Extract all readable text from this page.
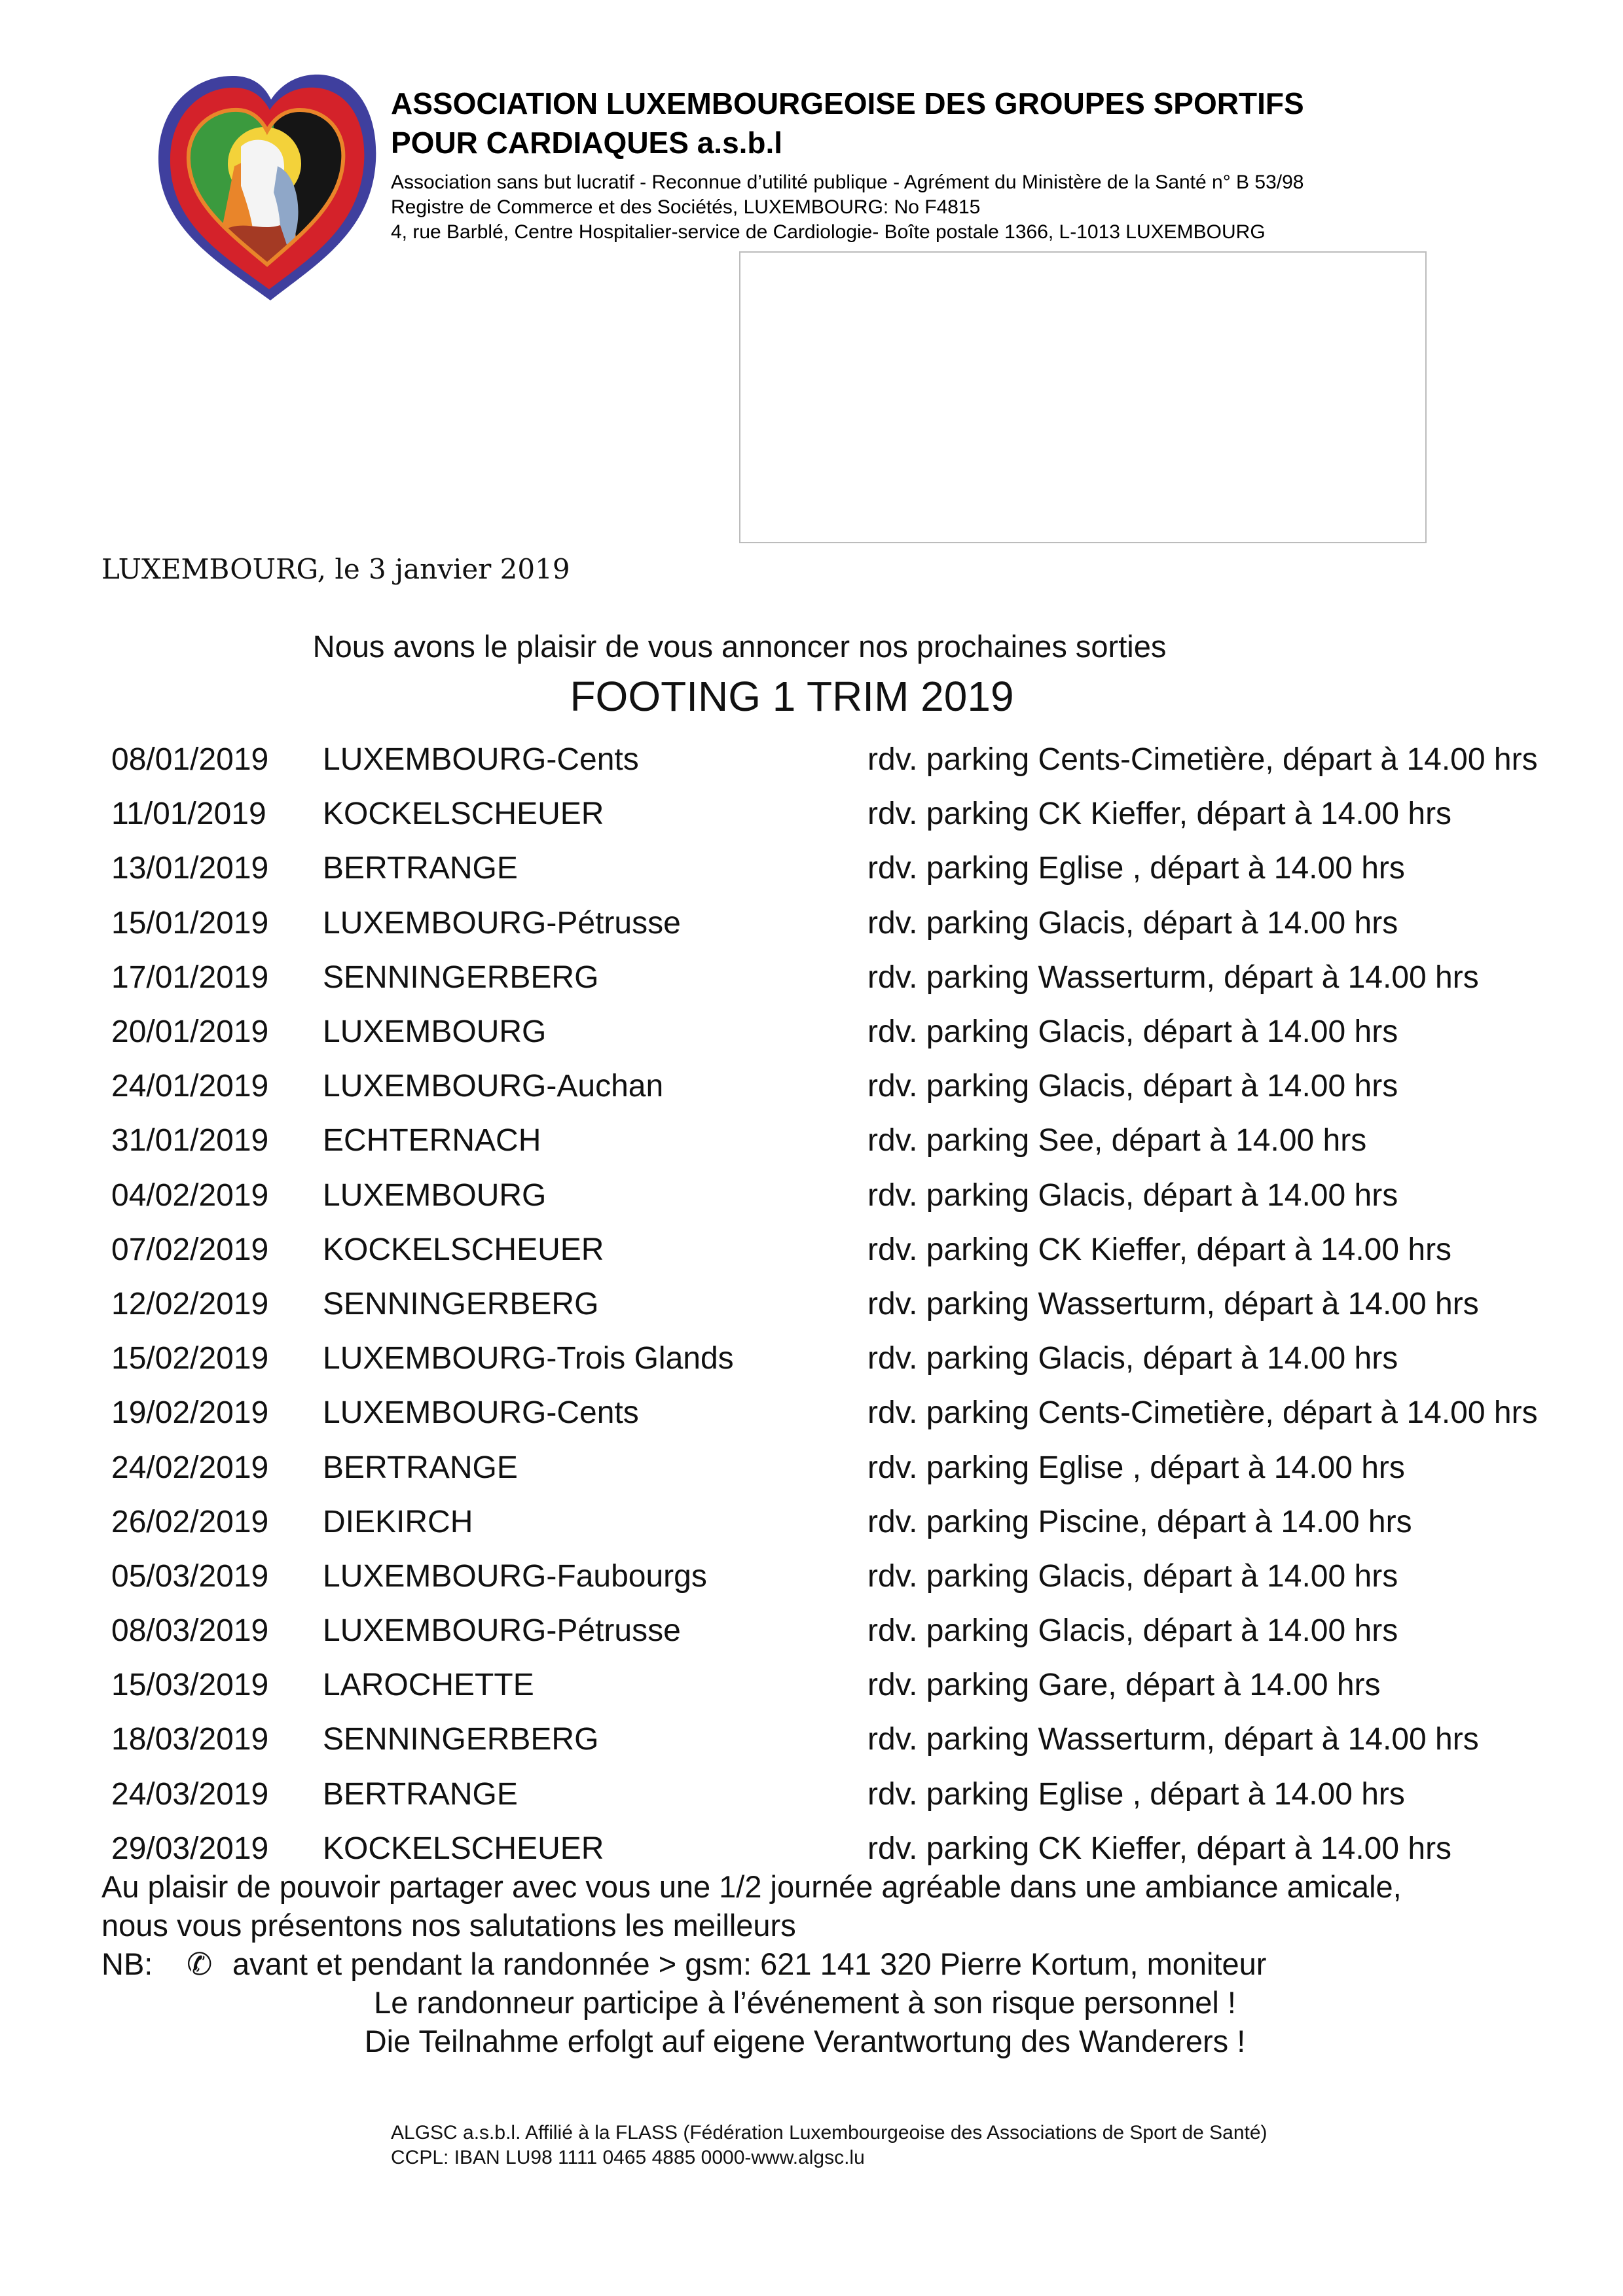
ASSOCIATION LUXEMBOURGEOISE DES GROUPES SPORTIFS
POUR CARDIAQUES a.s.b.l
Association sans but lucratif - Reconnue d’utilité publique - Agrément du Ministère de la Santé n° B 53/98
Registre de Commerce et des Sociétés, LUXEMBOURG: No F4815
4, rue Barblé, Centre Hospitalier-service de Cardiologie- Boîte postale 1366, L-1013 LUXEMBOURG
LUXEMBOURG, le 3 janvier 2019
Nous avons le plaisir de vous annoncer nos prochaines sorties
FOOTING 1 TRIM 2019
08/01/2019	LUXEMBOURG-Cents	rdv. parking Cents-Cimetière, départ à 14.00 hrs
11/01/2019	KOCKELSCHEUER	rdv. parking CK Kieffer, départ à 14.00 hrs
13/01/2019	BERTRANGE	rdv. parking Eglise , départ à 14.00 hrs
15/01/2019	LUXEMBOURG-Pétrusse	rdv. parking Glacis, départ à 14.00 hrs
17/01/2019	SENNINGERBERG	rdv. parking Wasserturm, départ à 14.00 hrs
20/01/2019	LUXEMBOURG	rdv. parking Glacis, départ à 14.00 hrs
24/01/2019	LUXEMBOURG-Auchan	rdv. parking Glacis, départ à 14.00 hrs
31/01/2019	ECHTERNACH	rdv. parking See, départ à 14.00 hrs
04/02/2019	LUXEMBOURG	rdv. parking Glacis, départ à 14.00 hrs
07/02/2019	KOCKELSCHEUER	rdv. parking CK Kieffer, départ à 14.00 hrs
12/02/2019	SENNINGERBERG	rdv. parking Wasserturm, départ à 14.00 hrs
15/02/2019	LUXEMBOURG-Trois Glands	rdv. parking Glacis, départ à 14.00 hrs
19/02/2019	LUXEMBOURG-Cents	rdv. parking Cents-Cimetière, départ à 14.00 hrs
24/02/2019	BERTRANGE	rdv. parking Eglise , départ à 14.00 hrs
26/02/2019	DIEKIRCH	rdv. parking Piscine, départ à 14.00 hrs
05/03/2019	LUXEMBOURG-Faubourgs	rdv. parking Glacis, départ à 14.00 hrs
08/03/2019	LUXEMBOURG-Pétrusse	rdv. parking Glacis, départ à 14.00 hrs
15/03/2019	LAROCHETTE	rdv. parking Gare, départ à 14.00 hrs
18/03/2019	SENNINGERBERG	rdv. parking Wasserturm, départ à 14.00 hrs
24/03/2019	BERTRANGE	rdv. parking Eglise , départ à 14.00 hrs
29/03/2019	KOCKELSCHEUER	rdv. parking CK Kieffer, départ à 14.00 hrs
Au plaisir de pouvoir partager avec vous une 1/2 journée agréable dans une ambiance amicale,
nous vous présentons nos salutations les meilleurs
NB:	✆ avant et pendant la randonnée > gsm: 621 141 320 Pierre Kortum, moniteur
Le randonneur participe à l’événement à son risque personnel !
Die Teilnahme erfolgt auf eigene Verantwortung des Wanderers !
ALGSC a.s.b.l. Affilié à la FLASS (Fédération Luxembourgeoise des Associations de Sport de Santé)
CCPL: IBAN LU98 1111 0465 4885 0000-www.algsc.lu
